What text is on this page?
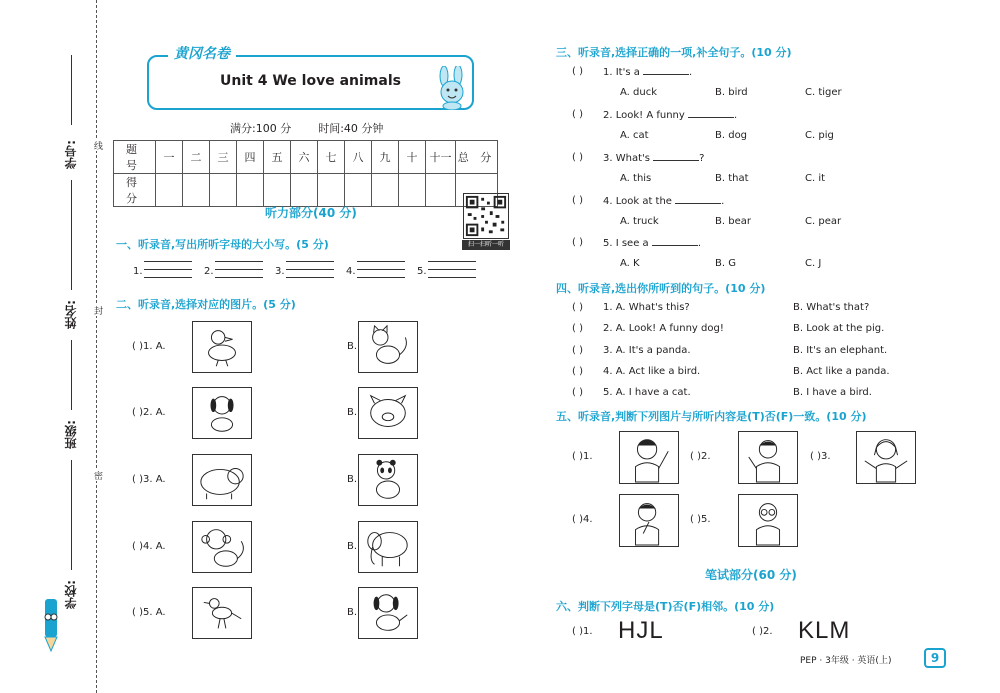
学号:
姓名:
班级:
学校:
线
封
密
黄冈名卷
Unit 4 We love animals
满分:100 分 时间:40 分钟
题 号	一	二	三	四	五	六	七	八	九	十	十一	总 分
得 分												
听力部分(40 分)
扫一扫听一听
一、听录音,写出所听字母的大小写。(5 分)
1.	2.	3.	4.	5.
二、听录音,选择对应的图片。(5 分)
( )1. A.	B.
( )2. A.	B.
( )3. A.	B.
( )4. A.	B.
( )5. A.	B.
三、听录音,选择正确的一项,补全句子。(10 分)
( ) 1. It's a	.
A. duck	B. bird	C. tiger
( ) 2. Look! A funny	.
A. cat	B. dog	C. pig
( ) 3. What's	?
A. this	B. that	C. it
( ) 4. Look at the	.
A. truck	B. bear	C. pear
( ) 5. I see a	.
A. K	B. G	C. J
四、听录音,选出你所听到的句子。(10 分)
( ) 1. A. What's this?	B. What's that?
( ) 2. A. Look! A funny dog!	B. Look at the pig.
( ) 3. A. It's a panda.	B. It's an elephant.
( ) 4. A. Act like a bird.	B. Act like a panda.
( ) 5. A. I have a cat.	B. I have a bird.
五、听录音,判断下列图片与所听内容是(T)否(F)一致。(10 分)
( )1.	( )2.	( )3.
( )4.	( )5.
笔试部分(60 分)
六、判断下列字母是(T)否(F)相邻。(10 分)
( )1. HJL	( )2. KLM
PEP · 3年级 · 英语(上)	9
